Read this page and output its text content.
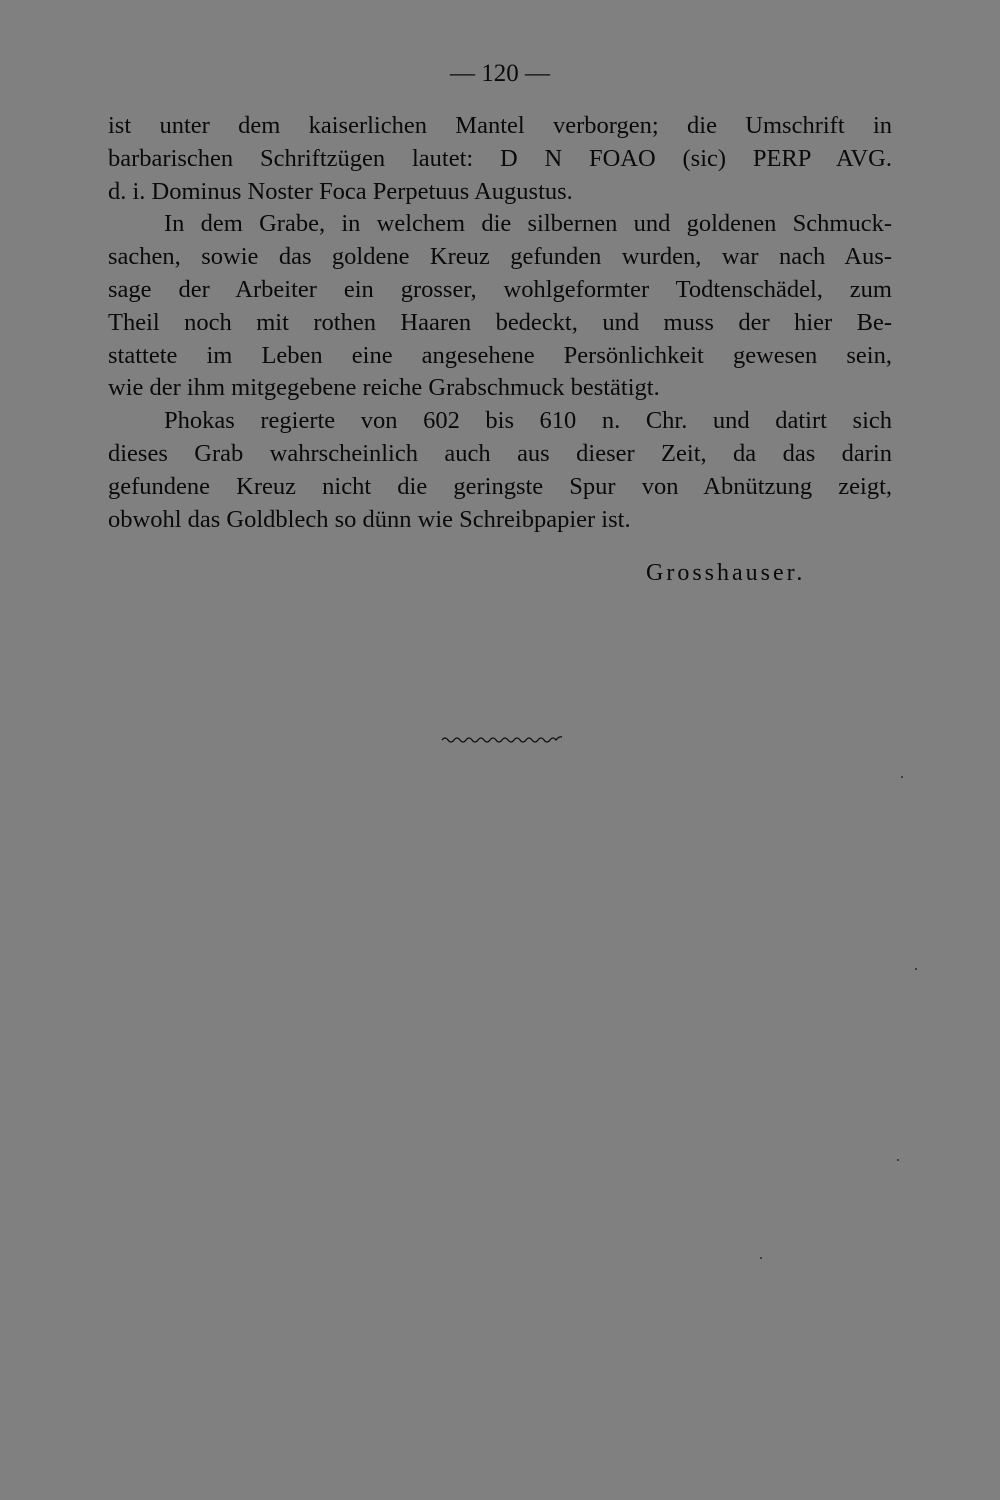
— 120 —
ist unter dem kaiserlichen Mantel verborgen; die Umschrift in
barbarischen Schriftzügen lautet: D N FOAO (sic) PERP AVG.
d. i. Dominus Noster Foca Perpetuus Augustus.
In dem Grabe, in welchem die silbernen und goldenen Schmuck-
sachen, sowie das goldene Kreuz gefunden wurden, war nach Aus-
sage der Arbeiter ein grosser, wohlgeformter Todtenschädel, zum
Theil noch mit rothen Haaren bedeckt, und muss der hier Be-
stattete im Leben eine angesehene Persönlichkeit gewesen sein,
wie der ihm mitgegebene reiche Grabschmuck bestätigt.
Phokas regierte von 602 bis 610 n. Chr. und datirt sich
dieses Grab wahrscheinlich auch aus dieser Zeit, da das darin
gefundene Kreuz nicht die geringste Spur von Abnützung zeigt,
obwohl das Goldblech so dünn wie Schreibpapier ist.
Grosshauser.
